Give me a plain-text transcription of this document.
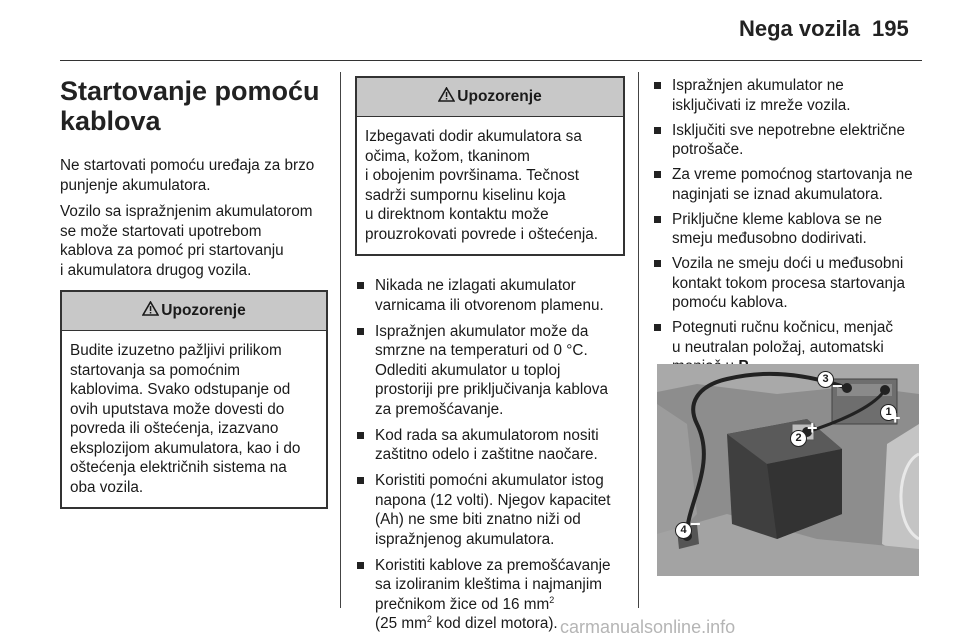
Nega vozila 195
Startovanje pomoću
kablova
Ne startovati pomoću uređaja za brzo
punjenje akumulatora.
Vozilo sa ispražnjenim akumulatorom
se može startovati upotrebom
kablova za pomoć pri startovanju
i akumulatora drugog vozila.
Upozorenje
Budite izuzetno pažljivi prilikom
startovanja sa pomoćnim
kablovima. Svako odstupanje od
ovih uputstava može dovesti do
povreda ili oštećenja, izazvano
eksplozijom akumulatora, kao i do
oštećenja električnih sistema na
oba vozila.
Upozorenje
Izbegavati dodir akumulatora sa
očima, kožom, tkaninom
i obojenim površinama. Tečnost
sadrži sumpornu kiselinu koja
u direktnom kontaktu može
prouzrokovati povrede i oštećenja.
Nikada ne izlagati akumulator
varnicama ili otvorenom plamenu.
Ispražnjen akumulator može da
smrzne na temperaturi od 0 °C.
Odlediti akumulator u toploj
prostoriji pre priključivanja kablova
za premošćavanje.
Kod rada sa akumulatorom nositi
zaštitno odelo i zaštitne naočare.
Koristiti pomoćni akumulator istog
napona (12 volti). Njegov kapacitet
(Ah) ne sme biti znatno niži od
ispražnjenog akumulatora.
Koristiti kablove za premošćavanje
sa izoliranim kleštima i najmanjim
prečnikom žice od 16 $mm^2$
(25 $mm^2$ kod dizel motora).
Ispražnjen akumulator ne
isključivati iz mreže vozila.
Isključiti sve nepotrebne električne
potrošače.
Za vreme pomoćnog startovanja ne
naginjati se iznad akumulatora.
Priključne kleme kablova se ne
smeju međusobno dodirivati.
Vozila ne smeju doći u međusobni
kontakt tokom procesa startovanja
pomoću kablova.
Potegnuti ručnu kočnicu, menjač
u neutralan položaj, automatski
3
1
2
4
+
+
−
−
carmanualsonline.info
